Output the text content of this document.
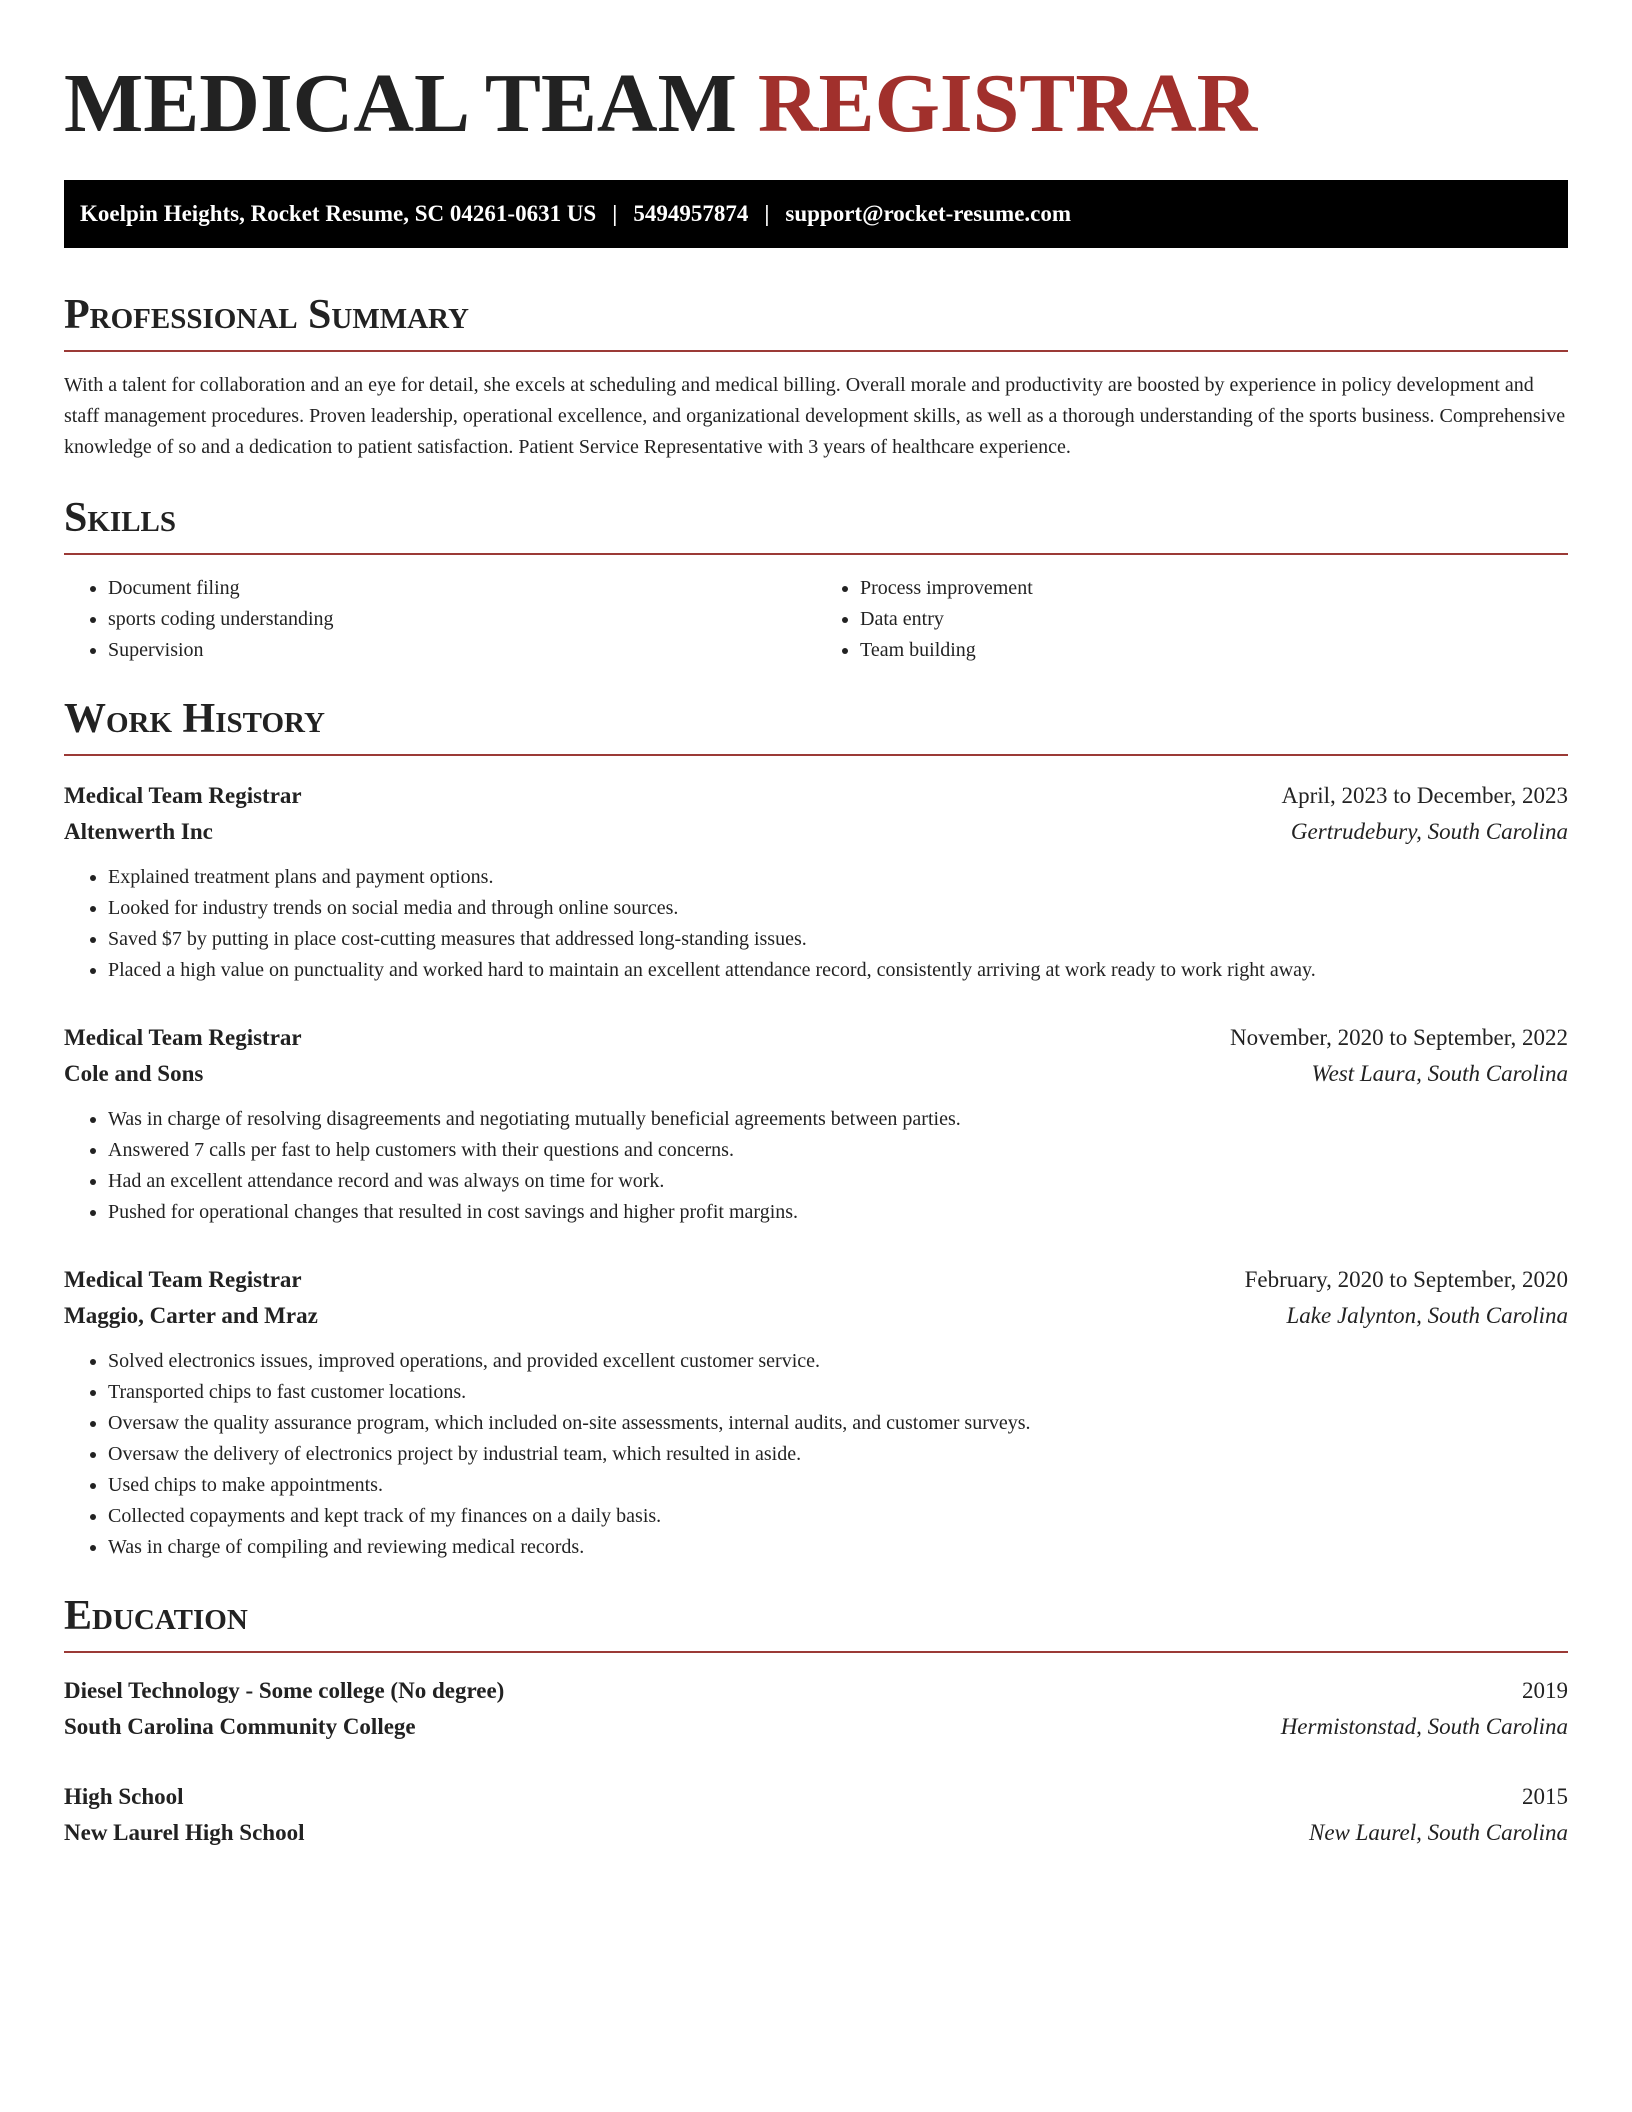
MEDICAL TEAM REGISTRAR
Koelpin Heights, Rocket Resume, SC 04261-0631 US | 5494957874 | support@rocket-resume.com
Professional Summary

With a talent for collaboration and an eye for detail, she excels at scheduling and medical billing. Overall morale and productivity are boosted by experience in policy development and staff management procedures. Proven leadership, operational excellence, and organizational development skills, as well as a thorough understanding of the sports business. Comprehensive knowledge of so and a dedication to patient satisfaction. Patient Service Representative with 3 years of healthcare experience.

Skills
• Document filing
• sports coding understanding
• Supervision
• Process improvement
• Data entry
• Team building
Work History
Medical Team Registrar	April, 2023 to December, 2023
Altenwerth Inc	Gertrudebury, South Carolina
• Explained treatment plans and payment options.
• Looked for industry trends on social media and through online sources.
• Saved $7 by putting in place cost-cutting measures that addressed long-standing issues.
• Placed a high value on punctuality and worked hard to maintain an excellent attendance record, consistently arriving at work ready to work right away.
Medical Team Registrar	November, 2020 to September, 2022
Cole and Sons	West Laura, South Carolina
• Was in charge of resolving disagreements and negotiating mutually beneficial agreements between parties.
• Answered 7 calls per fast to help customers with their questions and concerns.
• Had an excellent attendance record and was always on time for work.
• Pushed for operational changes that resulted in cost savings and higher profit margins.
Medical Team Registrar	February, 2020 to September, 2020
Maggio, Carter and Mraz	Lake Jalynton, South Carolina
• Solved electronics issues, improved operations, and provided excellent customer service.
• Transported chips to fast customer locations.
• Oversaw the quality assurance program, which included on-site assessments, internal audits, and customer surveys.
• Oversaw the delivery of electronics project by industrial team, which resulted in aside.
• Used chips to make appointments.
• Collected copayments and kept track of my finances on a daily basis.
• Was in charge of compiling and reviewing medical records.
Education
Diesel Technology - Some college (No degree)	2019
South Carolina Community College	Hermistonstad, South Carolina
High School	2015
New Laurel High School	New Laurel, South Carolina
